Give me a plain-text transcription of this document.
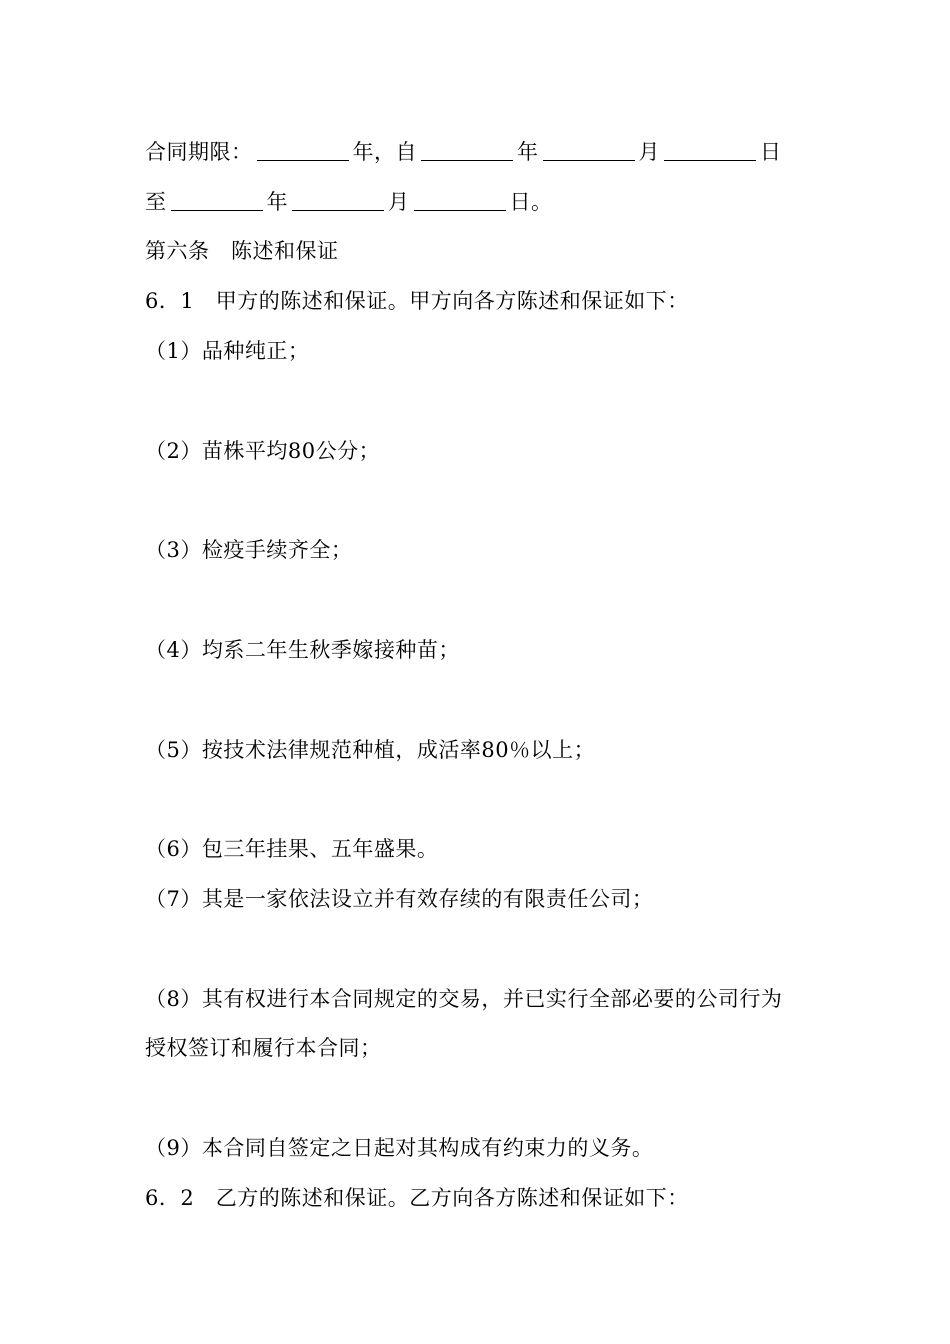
合同期限：	年，自	年	月	日
至	年	月	日。
第六条　陈述和保证
6．1　甲方的陈述和保证。甲方向各方陈述和保证如下：
（1）品种纯正；
（2）苗株平均80公分；
（3）检疫手续齐全；
（4）均系二年生秋季嫁接种苗；
（5）按技术法律规范种植，成活率80％以上；
（6）包三年挂果、五年盛果。
（7）其是一家依法设立并有效存续的有限责任公司；
（8）其有权进行本合同规定的交易，并已实行全部必要的公司行为
授权签订和履行本合同；
（9）本合同自签定之日起对其构成有约束力的义务。
6．2　乙方的陈述和保证。乙方向各方陈述和保证如下：
